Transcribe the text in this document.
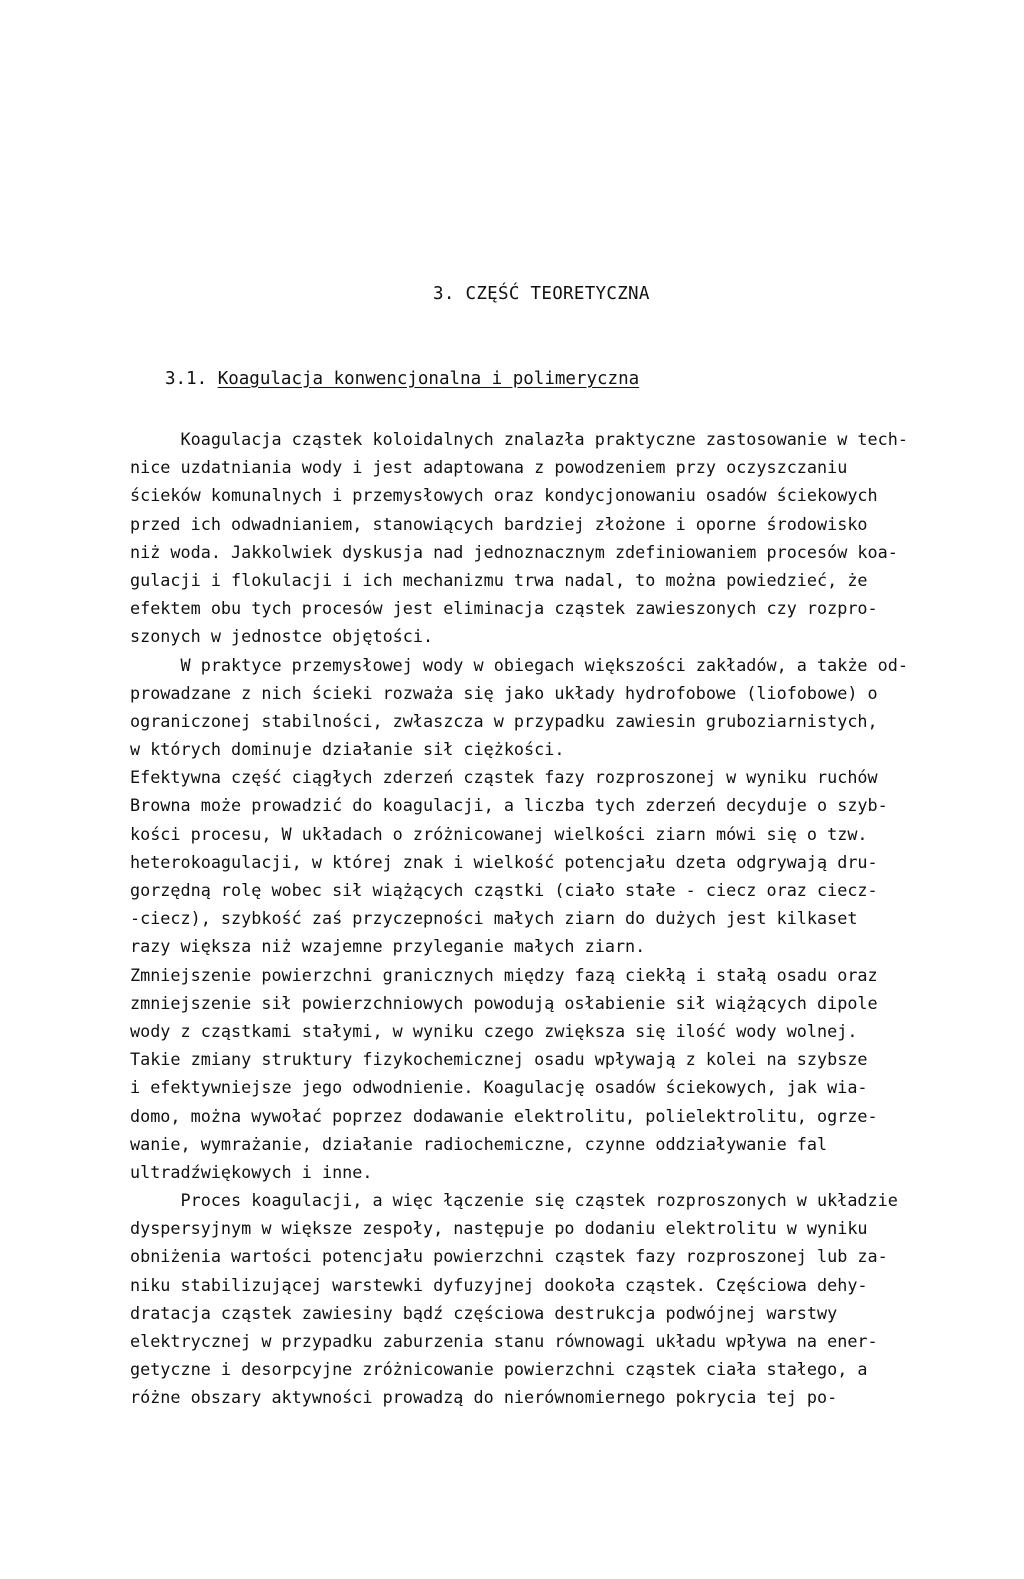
3. CZĘŚĆ TEORETYCZNA
3.1. Koagulacja konwencjonalna i polimeryczna
Koagulacja cząstek koloidalnych znalazła praktyczne zastosowanie w tech-
nice uzdatniania wody i jest adaptowana z powodzeniem przy oczyszczaniu
ścieków komunalnych i przemysłowych oraz kondycjonowaniu osadów ściekowych
przed ich odwadnianiem, stanowiących bardziej złożone i oporne środowisko
niż woda. Jakkolwiek dyskusja nad jednoznacznym zdefiniowaniem procesów koa-
gulacji i flokulacji i ich mechanizmu trwa nadal, to można powiedzieć, że
efektem obu tych procesów jest eliminacja cząstek zawieszonych czy rozpro-
szonych w jednostce objętości.
W praktyce przemysłowej wody w obiegach większości zakładów, a także od-
prowadzane z nich ścieki rozważa się jako układy hydrofobowe (liofobowe) o
ograniczonej stabilności, zwłaszcza w przypadku zawiesin gruboziarnistych,
w których dominuje działanie sił ciężkości.
Efektywna część ciągłych zderzeń cząstek fazy rozproszonej w wyniku ruchów
Browna może prowadzić do koagulacji, a liczba tych zderzeń decyduje o szyb-
kości procesu, W układach o zróżnicowanej wielkości ziarn mówi się o tzw.
heterokoagulacji, w której znak i wielkość potencjału dzeta odgrywają dru-
gorzędną rolę wobec sił wiążących cząstki (ciało stałe - ciecz oraz ciecz-
-ciecz), szybkość zaś przyczepności małych ziarn do dużych jest kilkaset
razy większa niż wzajemne przyleganie małych ziarn.
Zmniejszenie powierzchni granicznych między fazą ciekłą i stałą osadu oraz
zmniejszenie sił powierzchniowych powodują osłabienie sił wiążących dipole
wody z cząstkami stałymi, w wyniku czego zwiększa się ilość wody wolnej.
Takie zmiany struktury fizykochemicznej osadu wpływają z kolei na szybsze
i efektywniejsze jego odwodnienie. Koagulację osadów ściekowych, jak wia-
domo, można wywołać poprzez dodawanie elektrolitu, polielektrolitu, ogrze-
wanie, wymrażanie, działanie radiochemiczne, czynne oddziaływanie fal
ultradźwiękowych i inne.
Proces koagulacji, a więc łączenie się cząstek rozproszonych w układzie
dyspersyjnym w większe zespoły, następuje po dodaniu elektrolitu w wyniku
obniżenia wartości potencjału powierzchni cząstek fazy rozproszonej lub za-
niku stabilizującej warstewki dyfuzyjnej dookoła cząstek. Częściowa dehy-
dratacja cząstek zawiesiny bądź częściowa destrukcja podwójnej warstwy
elektrycznej w przypadku zaburzenia stanu równowagi układu wpływa na ener-
getyczne i desorpcyjne zróżnicowanie powierzchni cząstek ciała stałego, a
różne obszary aktywności prowadzą do nierównomiernego pokrycia tej po-
